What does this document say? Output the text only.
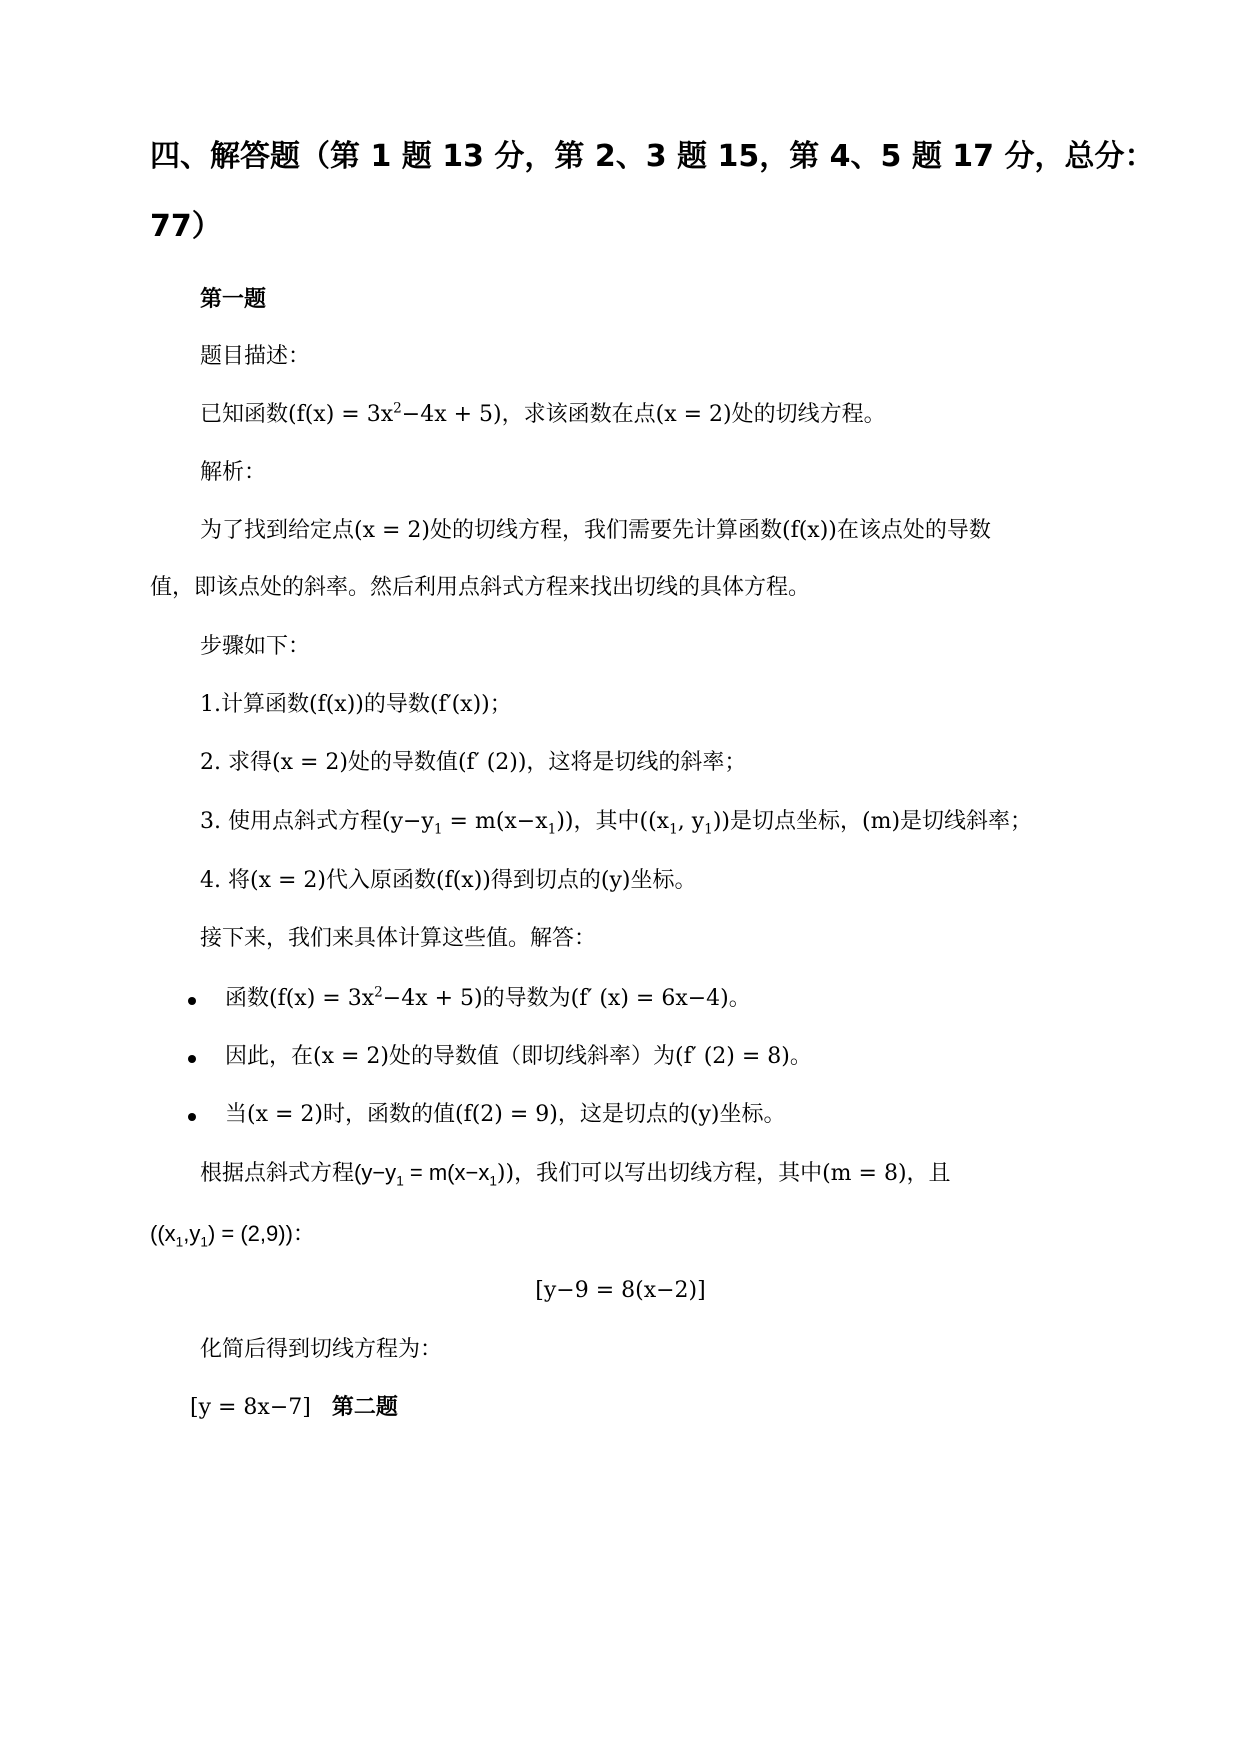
四、解答题（第 1 题 13 分，第 2、3 题 15，第 4、5 题 17 分，总分：
77）
第一题
题目描述：
已知函数$(f(x) = 3x^2-4x + 5)$，求该函数在点(x = 2)处的切线方程。
解析：
为了找到给定点(x = 2)处的切线方程，我们需要先计算函数(f(x))在该点处的导数
值，即该点处的斜率。然后利用点斜式方程来找出切线的具体方程。
步骤如下：
1.计算函数(f(x))的导数(f′(x))；
2. 求得(x = 2)处的导数值(f′ (2))，这将是切线的斜率；
3. 使用点斜式方程$(y-y_1 = m(x-x_1))$，其中(($x_1$, $y_1$))是切点坐标，(m)是切线斜率；
4. 将(x = 2)代入原函数(f(x))得到切点的(y)坐标。
接下来，我们来具体计算这些值。解答：
函数$(f(x) = 3x^2-4x + 5)$的导数为(f′ (x) = 6x−4)。
因此，在(x = 2)处的导数值（即切线斜率）为(f′ (2) = 8)。
当(x = 2)时，函数的值(f(2) = 9)，这是切点的(y)坐标。
根据点斜式方程$(y-y_1 = m(x-x_1))$，我们可以写出切线方程，其中(m = 8)，且
$((x_1,y_1) = (2,9))$：
[y−9 = 8(x−2)]
化简后得到切线方程为：
[y = 8x−7] 第二题
